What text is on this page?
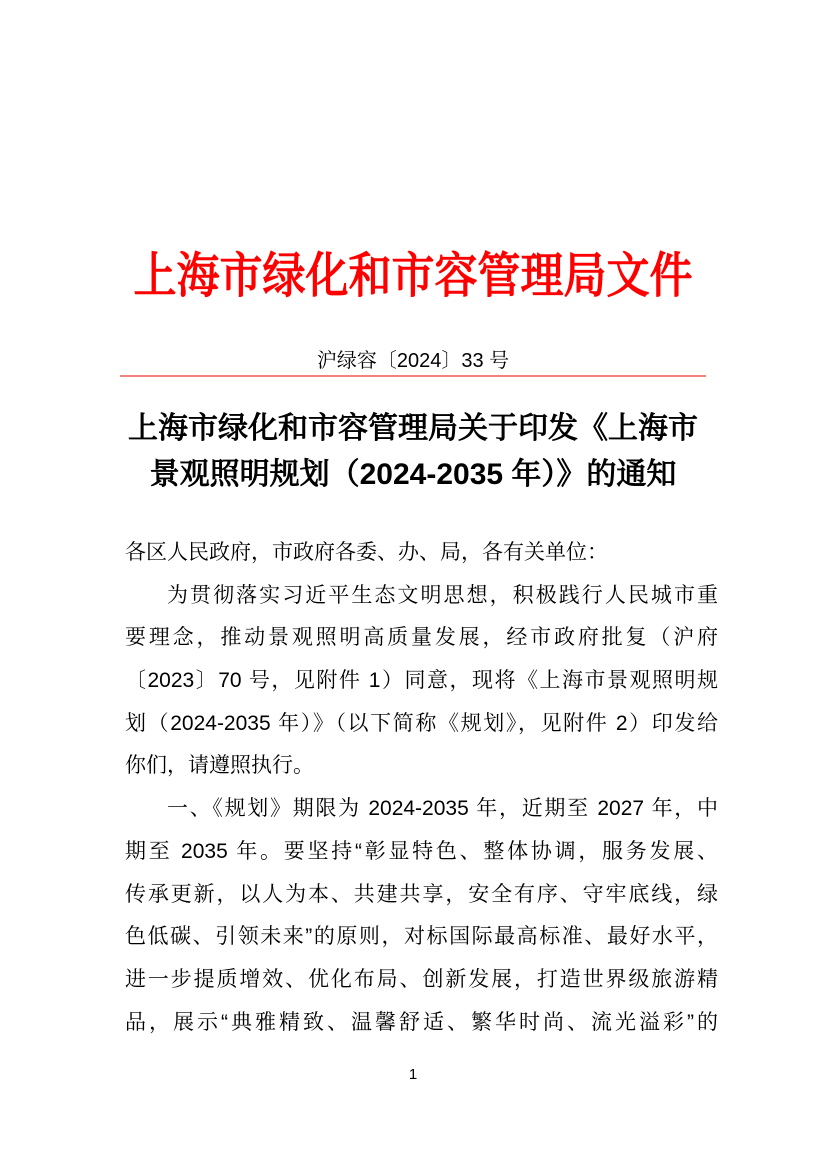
上海市绿化和市容管理局文件
沪绿容〔2024〕33 号
上海市绿化和市容管理局关于印发《上海市
景观照明规划（2024-2035 年）》的通知
各区人民政府，市政府各委、办、局，各有关单位：
为贯彻落实习近平生态文明思想，积极践行人民城市重
要理念，推动景观照明高质量发展，经市政府批复（沪府
〔2023〕70 号，见附件 1）同意，现将《上海市景观照明规
划（2024-2035 年）》（以下简称《规划》，见附件 2）印发给
你们，请遵照执行。
一、《规划》期限为 2024-2035 年，近期至 2027 年，中
期至 2035 年。要坚持“彰显特色、整体协调，服务发展、
传承更新，以人为本、共建共享，安全有序、守牢底线，绿
色低碳、引领未来”的原则，对标国际最高标准、最好水平，
进一步提质增效、优化布局、创新发展，打造世界级旅游精
品，展示“典雅精致、温馨舒适、繁华时尚、流光溢彩”的
1
